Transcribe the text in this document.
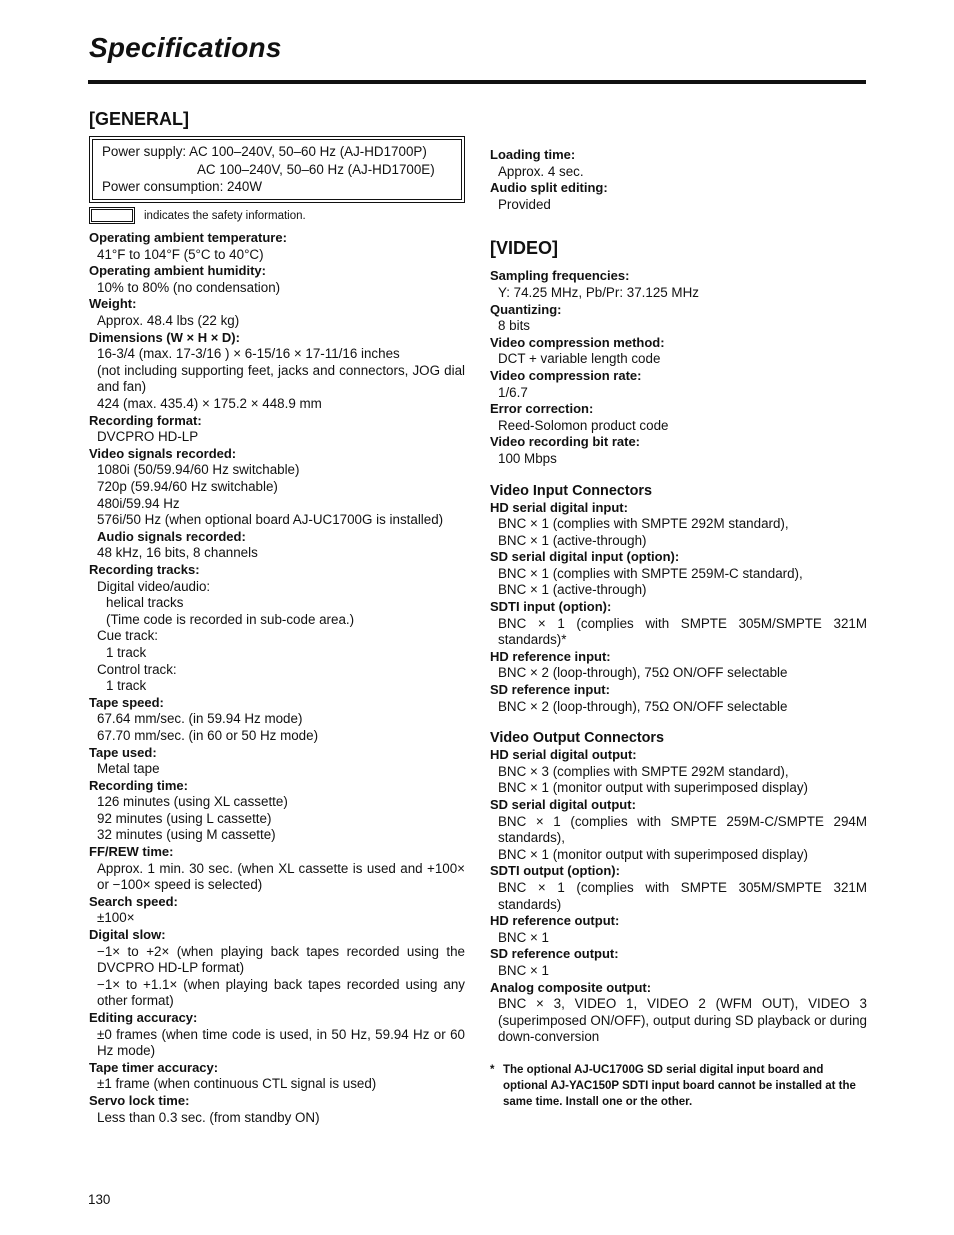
Specifications
[GENERAL]
Power supply: AC 100–240V, 50–60 Hz (AJ-HD1700P)
AC 100–240V, 50–60 Hz (AJ-HD1700E)
Power consumption: 240W
indicates the safety information.
Operating ambient temperature:
41°F to 104°F (5°C to 40°C)
Operating ambient humidity:
10% to 80% (no condensation)
Weight:
Approx. 48.4 lbs (22 kg)
Dimensions (W × H × D):
16-3/4 (max. 17-3/16 ) × 6-15/16 × 17-11/16 inches
(not including supporting feet, jacks and connectors, JOG dial and fan)
424 (max. 435.4) × 175.2 × 448.9 mm
Recording format:
DVCPRO HD-LP
Video signals recorded:
1080i (50/59.94/60 Hz switchable)
720p (59.94/60 Hz switchable)
480i/59.94 Hz
576i/50 Hz (when optional board AJ-UC1700G is installed)
Audio signals recorded:
48 kHz, 16 bits, 8 channels
Recording tracks:
Digital video/audio:
helical tracks
(Time code is recorded in sub-code area.)
Cue track:
1 track
Control track:
1 track
Tape speed:
67.64 mm/sec. (in 59.94 Hz mode)
67.70 mm/sec. (in 60 or 50 Hz mode)
Tape used:
Metal tape
Recording time:
126 minutes (using XL cassette)
92 minutes (using L cassette)
32 minutes (using M cassette)
FF/REW time:
Approx. 1 min. 30 sec. (when XL cassette is used and +100× or −100× speed is selected)
Search speed:
±100×
Digital slow:
−1× to +2× (when playing back tapes recorded using the DVCPRO HD-LP format)
−1× to +1.1× (when playing back tapes recorded using any other format)
Editing accuracy:
±0 frames (when time code is used, in 50 Hz, 59.94 Hz or 60 Hz mode)
Tape timer accuracy:
±1 frame (when continuous CTL signal is used)
Servo lock time:
Less than 0.3 sec. (from standby ON)
Loading time:
Approx. 4 sec.
Audio split editing:
Provided
[VIDEO]
Sampling frequencies:
Y: 74.25 MHz, Pb/Pr: 37.125 MHz
Quantizing:
8 bits
Video compression method:
DCT + variable length code
Video compression rate:
1/6.7
Error correction:
Reed-Solomon product code
Video recording bit rate:
100 Mbps
Video Input Connectors
HD serial digital input:
BNC × 1 (complies with SMPTE 292M standard),
BNC × 1 (active-through)
SD serial digital input (option):
BNC × 1 (complies with SMPTE 259M-C standard),
BNC × 1 (active-through)
SDTI input (option):
BNC × 1 (complies with SMPTE 305M/SMPTE 321M standards)*
HD reference input:
BNC × 2 (loop-through), 75Ω ON/OFF selectable
SD reference input:
BNC × 2 (loop-through), 75Ω ON/OFF selectable
Video Output Connectors
HD serial digital output:
BNC × 3 (complies with SMPTE 292M standard),
BNC × 1 (monitor output with superimposed display)
SD serial digital output:
BNC × 1 (complies with SMPTE 259M-C/SMPTE 294M standards),
BNC × 1 (monitor output with superimposed display)
SDTI output (option):
BNC × 1 (complies with SMPTE 305M/SMPTE 321M standards)
HD reference output:
BNC × 1
SD reference output:
BNC × 1
Analog composite output:
BNC × 3, VIDEO 1, VIDEO 2 (WFM OUT), VIDEO 3 (superimposed ON/OFF), output during SD playback or during down-conversion
* The optional AJ-UC1700G SD serial digital input board and optional AJ-YAC150P SDTI input board cannot be installed at the same time. Install one or the other.
130
